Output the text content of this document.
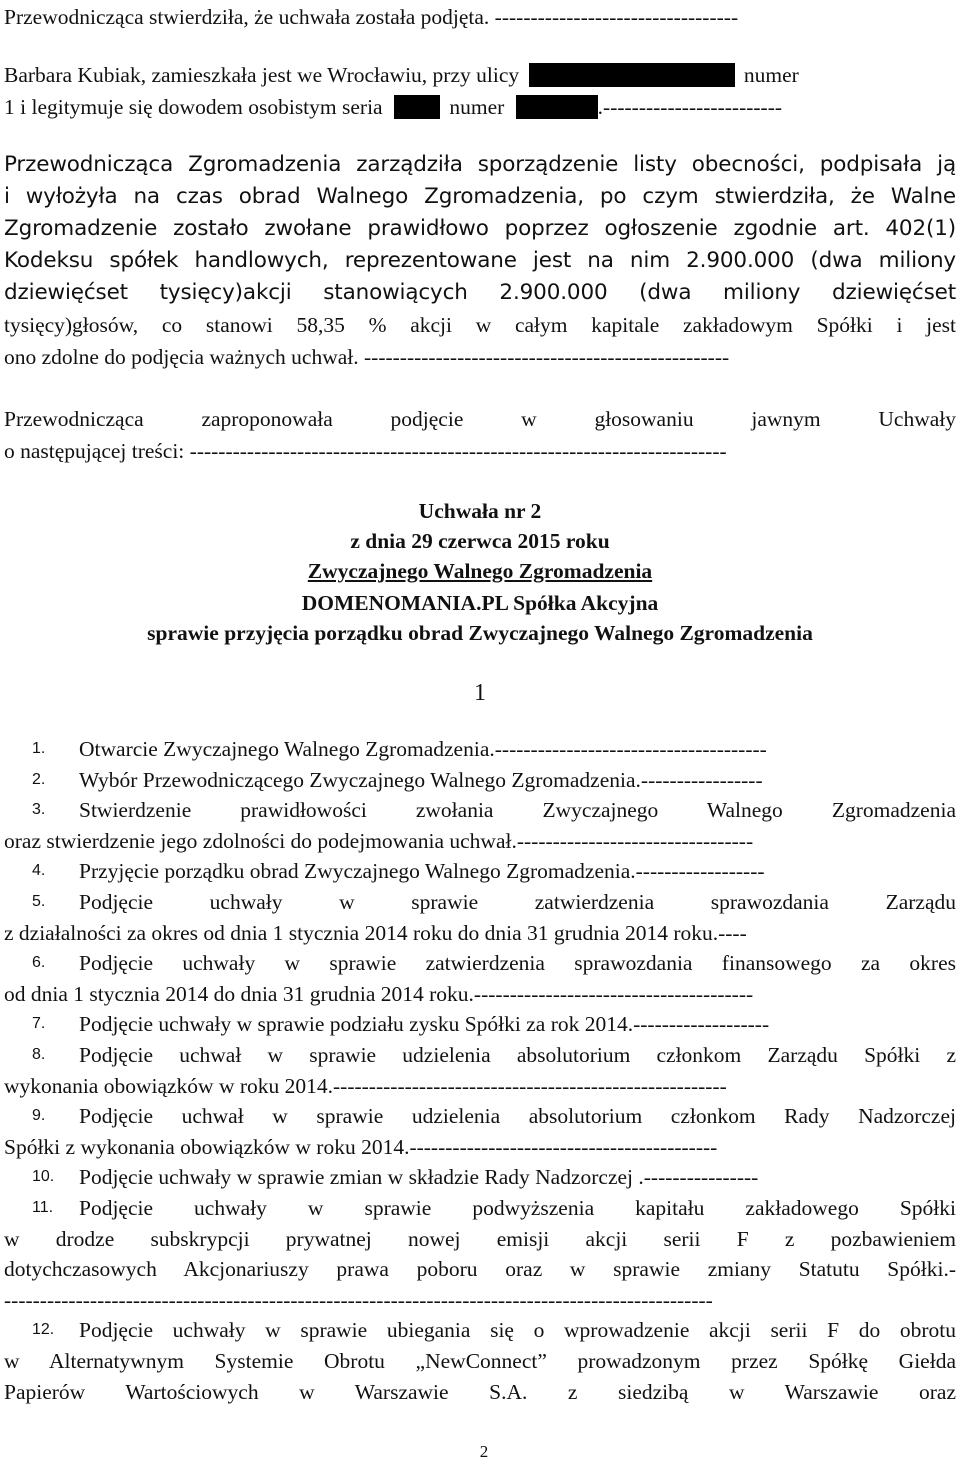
Przewodnicząca stwierdziła, że uchwała została podjęta. ----------------------------------
Barbara Kubiak, zamieszkała jest we Wrocławiu, przy ulicy	numer
1 i legitymuje się dowodem osobistym seria	numer	.-------------------------
Przewodnicząca Zgromadzenia zarządziła sporządzenie listy obecności, podpisała ją
i wyłożyła na czas obrad Walnego Zgromadzenia, po czym stwierdziła, że Walne
Zgromadzenie zostało zwołane prawidłowo poprzez ogłoszenie zgodnie art. 402(1)
Kodeksu spółek handlowych, reprezentowane jest na nim 2.900.000 (dwa miliony
dziewięćset tysięcy)akcji stanowiących 2.900.000 (dwa miliony dziewięćset
tysięcy)głosów, co stanowi 58,35 % akcji w całym kapitale zakładowym Spółki i jest
ono zdolne do podjęcia ważnych uchwał. ---------------------------------------------------
Przewodnicząca zaproponowała podjęcie w głosowaniu jawnym Uchwały
o następującej treści: ---------------------------------------------------------------------------
Uchwała nr 2
z dnia 29 czerwca 2015 roku
Zwyczajnego Walnego Zgromadzenia
DOMENOMANIA.PL Spółka Akcyjna
sprawie przyjęcia porządku obrad Zwyczajnego Walnego Zgromadzenia
1
1.	Otwarcie Zwyczajnego Walnego Zgromadzenia.--------------------------------------
2.	Wybór Przewodniczącego Zwyczajnego Walnego Zgromadzenia.-----------------
3.	Stwierdzenie prawidłowości zwołania Zwyczajnego Walnego Zgromadzenia
oraz stwierdzenie jego zdolności do podejmowania uchwał.---------------------------------
4.	Przyjęcie porządku obrad Zwyczajnego Walnego Zgromadzenia.------------------
5.	Podjęcie uchwały w sprawie zatwierdzenia sprawozdania Zarządu
z działalności za okres od dnia 1 stycznia 2014 roku do dnia 31 grudnia 2014 roku.----
6.	Podjęcie uchwały w sprawie zatwierdzenia sprawozdania finansowego za okres
od dnia 1 stycznia 2014 do dnia 31 grudnia 2014 roku.---------------------------------------
7.	Podjęcie uchwały w sprawie podziału zysku Spółki za rok 2014.-------------------
8.	Podjęcie uchwał w sprawie udzielenia absolutorium członkom Zarządu Spółki z
wykonania obowiązków w roku 2014.-------------------------------------------------------
9.	Podjęcie uchwał w sprawie udzielenia absolutorium członkom Rady Nadzorczej
Spółki z wykonania obowiązków w roku 2014.-------------------------------------------
10.	Podjęcie uchwały w sprawie zmian w składzie Rady Nadzorczej .----------------
11.	Podjęcie uchwały w sprawie podwyższenia kapitału zakładowego Spółki
w drodze subskrypcji prywatnej nowej emisji akcji serii F z pozbawieniem
dotychczasowych Akcjonariuszy prawa poboru oraz w sprawie zmiany Statutu Spółki.-
---------------------------------------------------------------------------------------------------
12.	Podjęcie uchwały w sprawie ubiegania się o wprowadzenie akcji serii F do obrotu
w Alternatywnym Systemie Obrotu „NewConnect” prowadzonym przez Spółkę Giełda
Papierów Wartościowych w Warszawie S.A. z siedzibą w Warszawie oraz
2
